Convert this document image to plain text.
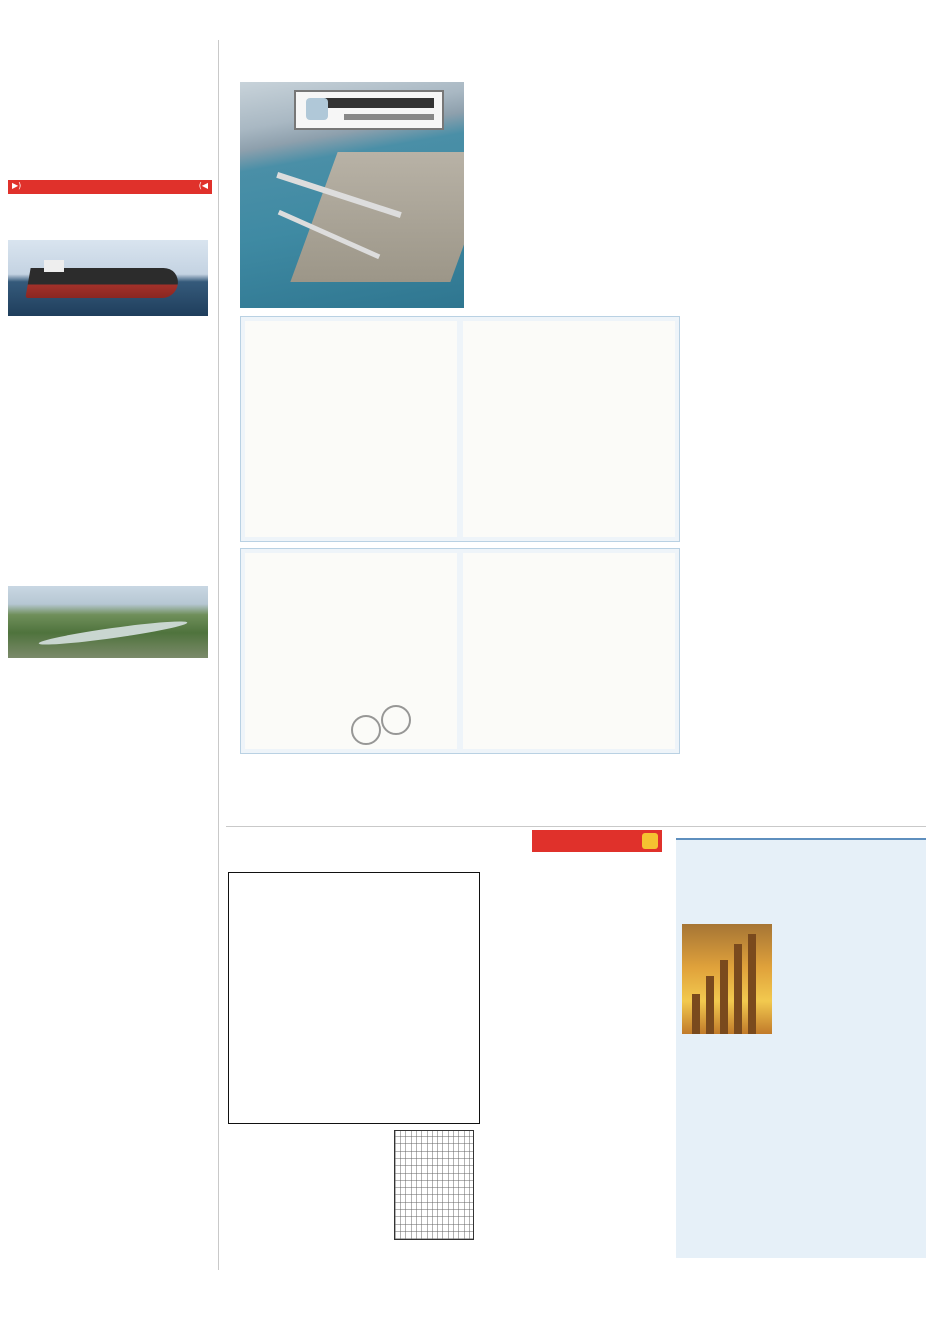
◀)
(▶
